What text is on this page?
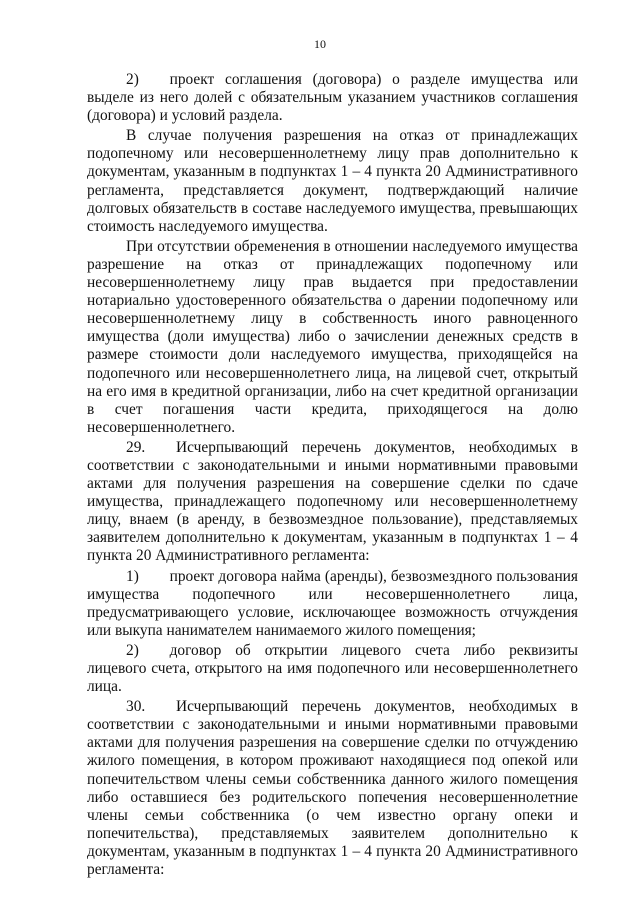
10

2)  проект соглашения (договора) о разделе имущества или выделе из него долей с обязательным указанием участников соглашения (договора) и условий раздела.

В случае получения разрешения на отказ от принадлежащих подопечному или несовершеннолетнему лицу прав дополнительно к документам, указанным в подпунктах 1 – 4 пункта 20 Административного регламента, представляется документ, подтверждающий наличие долговых обязательств в составе наследуемого имущества, превышающих стоимость наследуемого имущества.

При отсутствии обременения в отношении наследуемого имущества разрешение на отказ от принадлежащих подопечному или несовершеннолетнему лицу прав выдается при предоставлении нотариально удостоверенного обязательства о дарении подопечному или несовершеннолетнему лицу в собственность иного равноценного имущества (доли имущества) либо о зачислении денежных средств в размере стоимости доли наследуемого имущества, приходящейся на подопечного или несовершеннолетнего лица, на лицевой счет, открытый на его имя в кредитной организации, либо на счет кредитной организации в счет погашения части кредита, приходящегося на долю несовершеннолетнего.

29.  Исчерпывающий перечень документов, необходимых в соответствии с законодательными и иными нормативными правовыми актами для получения разрешения на совершение сделки по сдаче имущества, принадлежащего подопечному или несовершеннолетнему лицу, внаем (в аренду, в безвозмездное пользование), представляемых заявителем дополнительно к документам, указанным в подпунктах 1 – 4 пункта 20 Административного регламента:

1)  проект договора найма (аренды), безвозмездного пользования имущества подопечного или несовершеннолетнего лица, предусматривающего условие, исключающее возможность отчуждения или выкупа нанимателем нанимаемого жилого помещения;

2)  договор об открытии лицевого счета либо реквизиты лицевого счета, открытого на имя подопечного или несовершеннолетнего лица.

30.  Исчерпывающий перечень документов, необходимых в соответствии с законодательными и иными нормативными правовыми актами для получения разрешения на совершение сделки по отчуждению жилого помещения, в котором проживают находящиеся под опекой или попечительством члены семьи собственника данного жилого помещения либо оставшиеся без родительского попечения несовершеннолетние члены семьи собственника (о чем известно органу опеки и попечительства), представляемых заявителем дополнительно к документам, указанным в подпунктах 1 – 4 пункта 20 Административного регламента:
